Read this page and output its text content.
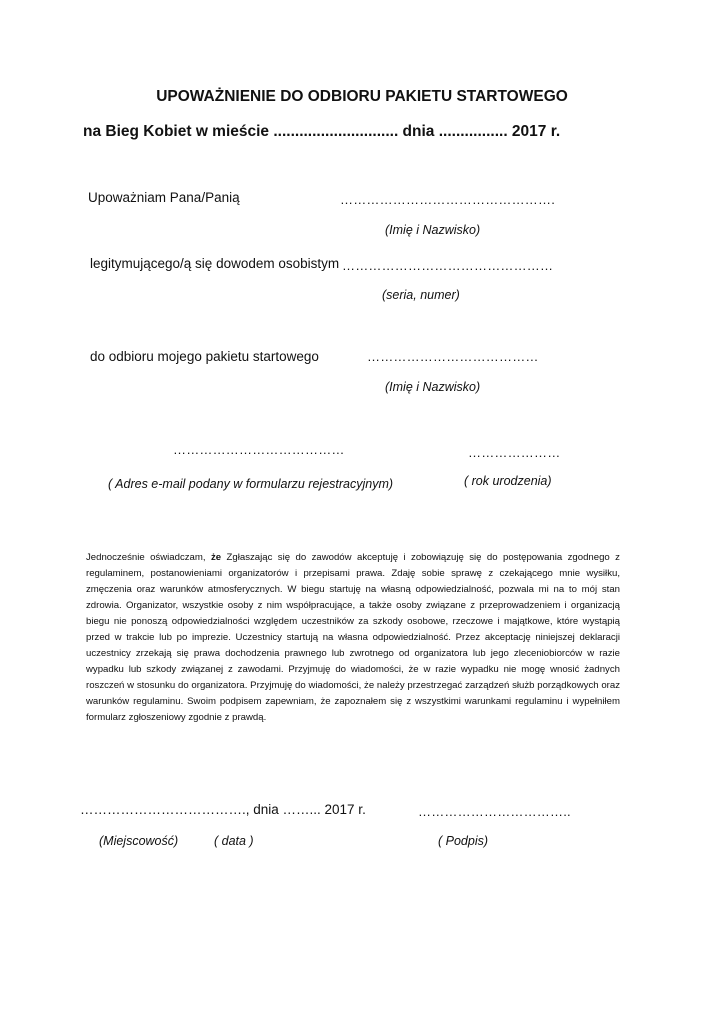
UPOWAŻNIENIE DO ODBIORU PAKIETU STARTOWEGO
na Bieg Kobiet w mieście ............................. dnia ................ 2017 r.
Upoważniam Pana/Panią	………………………………………….
(Imię i Nazwisko)
legitymującego/ą się dowodem osobistym …………………………………………
(seria, numer)
do odbioru mojego pakietu startowego	…………………………………
(Imię i Nazwisko)
…………………………………	…………………
( Adres e-mail podany w formularzu rejestracyjnym)	( rok urodzenia)
Jednocześnie oświadczam, że Zgłaszając się do zawodów akceptuję i zobowiązuję się do postępowania zgodnego z regulaminem, postanowieniami organizatorów i przepisami prawa. Zdaję sobie sprawę z czekającego mnie wysiłku, zmęczenia oraz warunków atmosferycznych. W biegu startuję na własną odpowiedzialność, pozwala mi na to mój stan zdrowia. Organizator, wszystkie osoby z nim współpracujące, a także osoby związane z przeprowadzeniem i organizacją biegu nie ponoszą odpowiedzialności względem uczestników za szkody osobowe, rzeczowe i majątkowe, które wystąpią przed w trakcie lub po imprezie. Uczestnicy startują na własna odpowiedzialność. Przez akceptację niniejszej deklaracji uczestnicy zrzekają się prawa dochodzenia prawnego lub zwrotnego od organizatora lub jego zleceniobiorców w razie wypadku lub szkody związanej z zawodami. Przyjmuję do wiadomości, że w razie wypadku nie mogę wnosić żadnych roszczeń w stosunku do organizatora. Przyjmuję do wiadomości, że należy przestrzegać zarządzeń służb porządkowych oraz warunków regulaminu. Swoim podpisem zapewniam, że zapoznałem się z wszystkimi warunkami regulaminu i wypełniłem formularz zgłoszeniowy zgodnie z prawdą.
………………………………., dnia ……... 2017 r.	……………………………..
(Miejscowość)	( data )	( Podpis)
